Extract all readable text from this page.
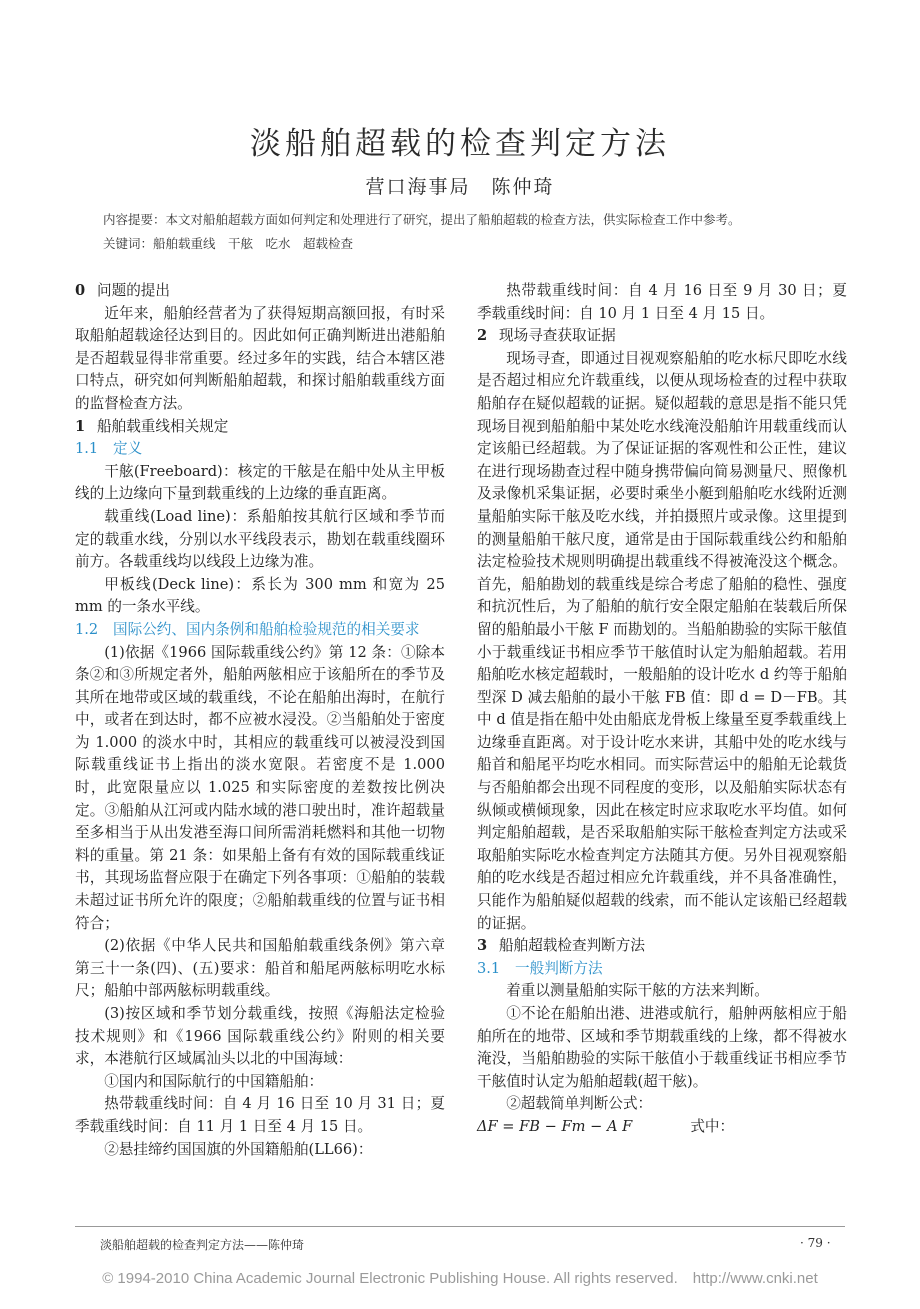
淡船舶超载的检查判定方法
营口海事局　陈仲琦
内容提要：本文对船舶超载方面如何判定和处理进行了研究，提出了船舶超载的检查方法，供实际检查工作中参考。
关键词：船舶载重线　干舷　吃水　超载检查
0 问题的提出

近年来，船舶经营者为了获得短期高额回报，有时采取船舶超载途径达到目的。因此如何正确判断进出港船舶是否超载显得非常重要。经过多年的实践，结合本辖区港口特点，研究如何判断船舶超载，和探讨船舶载重线方面的监督检查方法。

1 船舶载重线相关规定
1.1 定义

干舷(Freeboard)：核定的干舷是在船中处从主甲板线的上边缘向下量到载重线的上边缘的垂直距离。

载重线(Load line)：系船舶按其航行区域和季节而定的载重水线，分别以水平线段表示，勘划在载重线圈环前方。各载重线均以线段上边缘为准。

甲板线(Deck line)：系长为 300 mm 和宽为 25 mm 的一条水平线。

1.2 国际公约、国内条例和船舶检验规范的相关要求

(1)依据《1966 国际载重线公约》第 12 条：①除本条②和③所规定者外，船舶两舷相应于该船所在的季节及其所在地带或区域的载重线，不论在船舶出海时，在航行中，或者在到达时，都不应被水浸没。②当船舶处于密度为 1.000 的淡水中时，其相应的载重线可以被浸没到国际载重线证书上指出的淡水宽限。若密度不是 1.000 时，此宽限量应以 1.025 和实际密度的差数按比例决定。③船舶从江河或内陆水域的港口驶出时，准许超载量至多相当于从出发港至海口间所需消耗燃料和其他一切物料的重量。第 21 条：如果船上备有有效的国际载重线证书，其现场监督应限于在确定下列各事项：①船舶的装载未超过证书所允许的限度；②船舶载重线的位置与证书相符合；

(2)依据《中华人民共和国船舶载重线条例》第六章 第三十一条(四)、(五)要求：船首和船尾两舷标明吃水标尺；船舶中部两舷标明载重线。

(3)按区域和季节划分载重线，按照《海船法定检验技术规则》和《1966 国际载重线公约》附则的相关要求，本港航行区域属汕头以北的中国海域：

①国内和国际航行的中国籍船舶：

热带载重线时间：自 4 月 16 日至 10 月 31 日；夏季载重线时间：自 11 月 1 日至 4 月 15 日。

②悬挂缔约国国旗的外国籍船舶(LL66)：

热带载重线时间：自 4 月 16 日至 9 月 30 日；夏季载重线时间：自 10 月 1 日至 4 月 15 日。

2 现场寻查获取证据

现场寻查，即通过目视观察船舶的吃水标尺即吃水线是否超过相应允许载重线，以便从现场检查的过程中获取船舶存在疑似超载的证据。疑似超载的意思是指不能只凭现场目视到船舶船中某处吃水线淹没船舶许用载重线而认定该船已经超载。为了保证证据的客观性和公正性，建议在进行现场勘查过程中随身携带偏向简易测量尺、照像机及录像机采集证据，必要时乘坐小艇到船舶吃水线附近测量船舶实际干舷及吃水线，并拍摄照片或录像。这里提到的测量船舶干舷尺度，通常是由于国际载重线公约和船舶法定检验技术规则明确提出载重线不得被淹没这个概念。首先，船舶勘划的载重线是综合考虑了船舶的稳性、强度和抗沉性后，为了船舶的航行安全限定船舶在装载后所保留的船舶最小干舷 F 而勘划的。当船舶勘验的实际干舷值小于载重线证书相应季节干舷值时认定为船舶超载。若用船舶吃水核定超载时，一般船舶的设计吃水 d 约等于船舶型深 D 减去船舶的最小干舷 FB 值：即 d = D－FB。其中 d 值是指在船中处由船底龙骨板上缘量至夏季载重线上边缘垂直距离。对于设计吃水来讲，其船中处的吃水线与船首和船尾平均吃水相同。而实际营运中的船舶无论载货与否船舶都会出现不同程度的变形，以及船舶实际状态有纵倾或横倾现象，因此在核定时应求取吃水平均值。如何判定船舶超载，是否采取船舶实际干舷检查判定方法或采取船舶实际吃水检查判定方法随其方便。另外目视观察船舶的吃水线是否超过相应允许载重线，并不具备准确性，只能作为船舶疑似超载的线索，而不能认定该船已经超载的证据。

3 船舶超载检查判断方法
3.1 一般判断方法

着重以测量船舶实际干舷的方法来判断。

①不论在船舶出港、进港或航行，船舯两舷相应于船舶所在的地带、区域和季节期载重线的上缘，都不得被水淹没，当船舶勘验的实际干舷值小于载重线证书相应季节干舷值时认定为船舶超载(超干舷)。

②超载简单判断公式：

ΔF = FB − Fm − A F	式中：

淡船舶超载的检查判定方法——陈仲琦	· 79 ·
© 1994-2010 China Academic Journal Electronic Publishing House. All rights reserved.　http://www.cnki.net
